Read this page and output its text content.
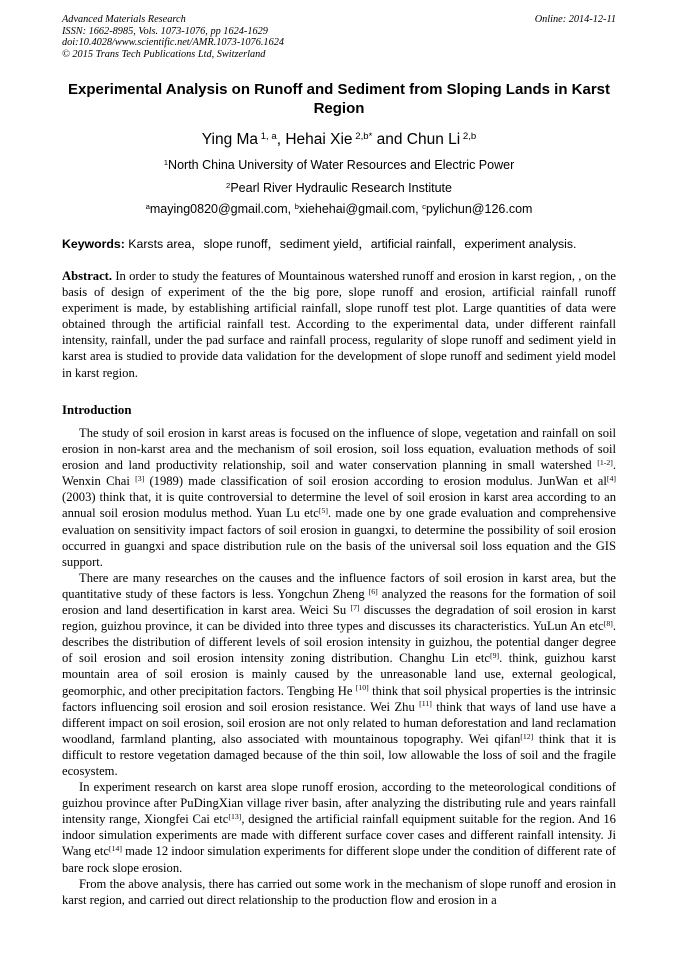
Advanced Materials Research
ISSN: 1662-8985, Vols. 1073-1076, pp 1624-1629
doi:10.4028/www.scientific.net/AMR.1073-1076.1624
© 2015 Trans Tech Publications Ltd, Switzerland
Online: 2014-12-11
Experimental Analysis on Runoff and Sediment from Sloping Lands in Karst Region
Ying Ma $^{1, a}$, Hehai Xie $^{2,b*}$ and Chun Li $^{2,b}$
$^1$North China University of Water Resources and Electric Power
$^2$Pearl River Hydraulic Research Institute
$^a$maying0820@gmail.com, $^b$xiehehai@gmail.com, $^c$pylichun@126.com
Keywords: Karsts area，slope runoff，sediment yield，artificial rainfall，experiment analysis.
Abstract. In order to study the features of Mountainous watershed runoff and erosion in karst region, , on the basis of design of experiment of the the big pore, slope runoff and erosion, artificial rainfall runoff experiment is made, by establishing artificial rainfall, slope runoff test plot. Large quantities of data were obtained through the artificial rainfall test. According to the experimental data, under different rainfall intensity, rainfall, under the pad surface and rainfall process, regularity of slope runoff and sediment yield in karst area is studied to provide data validation for the development of slope runoff and sediment yield model in karst region.
Introduction

The study of soil erosion in karst areas is focused on the influence of slope, vegetation and rainfall on soil erosion in non-karst area and the mechanism of soil erosion, soil loss equation, evaluation methods of soil erosion and land productivity relationship, soil and water conservation planning in small watershed [1-2]. Wenxin Chai [3] (1989) made classification of soil erosion according to erosion modulus. JunWan et al[4] (2003) think that, it is quite controversial to determine the level of soil erosion in karst area according to an annual soil erosion modulus method. Yuan Lu etc[5]. made one by one grade evaluation and comprehensive evaluation on sensitivity impact factors of soil erosion in guangxi, to determine the possibility of soil erosion occurred in guangxi and space distribution rule on the basis of the universal soil loss equation and the GIS support.

There are many researches on the causes and the influence factors of soil erosion in karst area, but the quantitative study of these factors is less. Yongchun Zheng [6] analyzed the reasons for the formation of soil erosion and land desertification in karst area. Weici Su [7] discusses the degradation of soil erosion in karst region, guizhou province, it can be divided into three types and discusses its characteristics. YuLun An etc[8]. describes the distribution of different levels of soil erosion intensity in guizhou, the potential danger degree of soil erosion and soil erosion intensity zoning distribution. Changhu Lin etc[9]. think, guizhou karst mountain area of soil erosion is mainly caused by the unreasonable land use, external geological, geomorphic, and other precipitation factors. Tengbing He [10] think that soil physical properties is the intrinsic factors influencing soil erosion and soil erosion resistance. Wei Zhu [11] think that ways of land use have a different impact on soil erosion, soil erosion are not only related to human deforestation and land reclamation woodland, farmland planting, also associated with mountainous topography. Wei qifan[12] think that it is difficult to restore vegetation damaged because of the thin soil, low allowable the loss of soil and the fragile ecosystem.

In experiment research on karst area slope runoff erosion, according to the meteorological conditions of guizhou province after PuDingXian village river basin, after analyzing the distributing rule and years rainfall intensity range, Xiongfei Cai etc[13], designed the artificial rainfall equipment suitable for the region. And 16 indoor simulation experiments are made with different surface cover cases and different rainfall intensity. Ji Wang etc[14] made 12 indoor simulation experiments for different slope under the condition of different rate of bare rock slope erosion.

From the above analysis, there has carried out some work in the mechanism of slope runoff and erosion in karst region, and carried out direct relationship to the production flow and erosion in a
